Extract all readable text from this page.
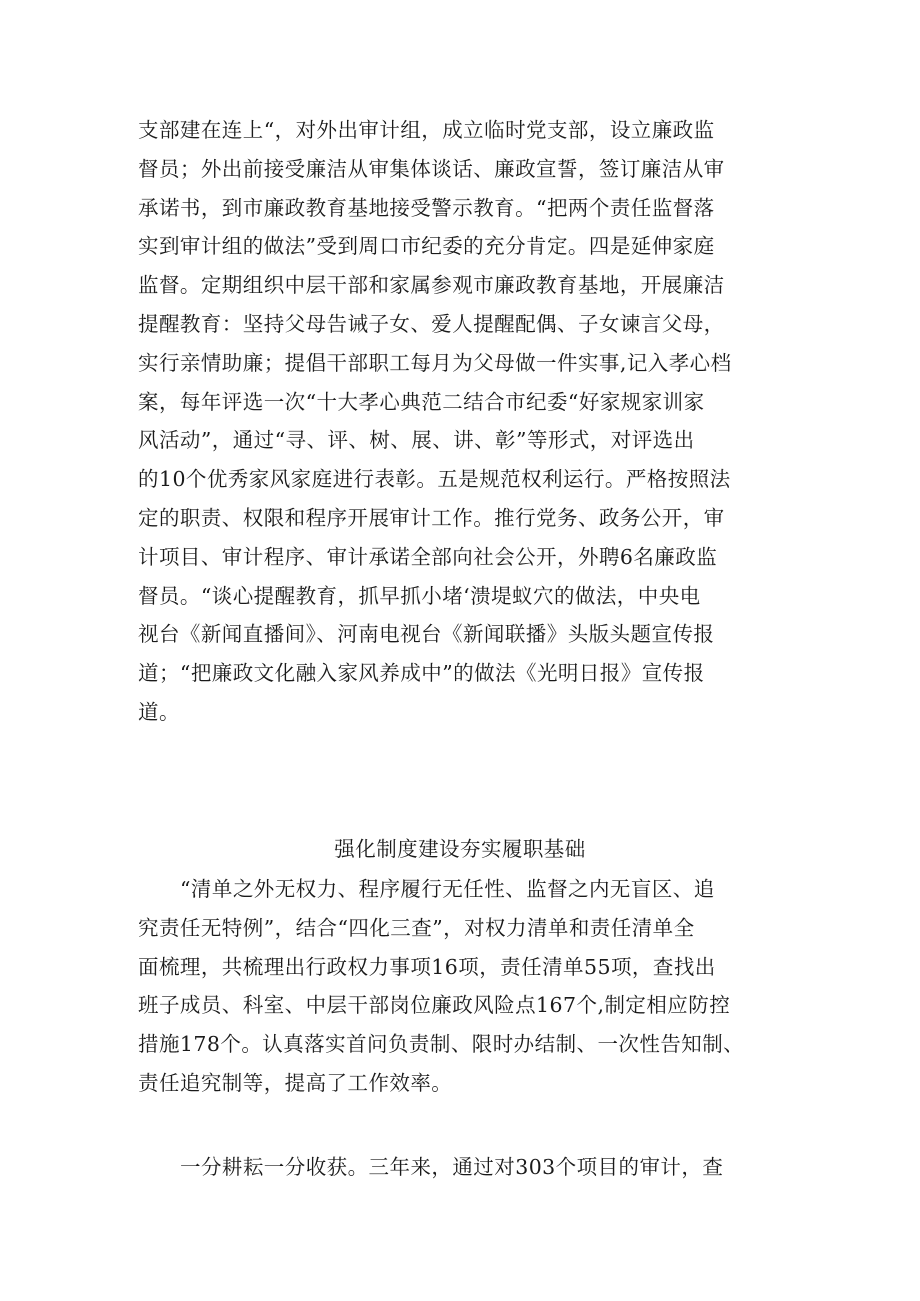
支部建在连上“，对外出审计组，成立临时党支部，设立廉政监
督员；外出前接受廉洁从审集体谈话、廉政宣誓，签订廉洁从审
承诺书，到市廉政教育基地接受警示教育。“把两个责任监督落
实到审计组的做法”受到周口市纪委的充分肯定。四是延伸家庭
监督。定期组织中层干部和家属参观市廉政教育基地，开展廉洁
提醒教育：坚持父母告诫子女、爱人提醒配偶、子女谏言父母，
实行亲情助廉；提倡干部职工每月为父母做一件实事,记入孝心档
案，每年评选一次“十大孝心典范二结合市纪委“好家规家训家
风活动”，通过“寻、评、树、展、讲、彰”等形式，对评选出
的10个优秀家风家庭进行表彰。五是规范权利运行。严格按照法
定的职责、权限和程序开展审计工作。推行党务、政务公开，审
计项目、审计程序、审计承诺全部向社会公开，外聘6名廉政监
督员。“谈心提醒教育，抓早抓小堵‘溃堤蚁穴的做法，中央电
视台《新闻直播间》、河南电视台《新闻联播》头版头题宣传报
道；“把廉政文化融入家风养成中”的做法《光明日报》宣传报
道。

强化制度建设夯实履职基础

“清单之外无权力、程序履行无任性、监督之内无盲区、追
究责任无特例”，结合“四化三查”，对权力清单和责任清单全
面梳理，共梳理出行政权力事项16项，责任清单55项，查找出
班子成员、科室、中层干部岗位廉政风险点167个,制定相应防控
措施178个。认真落实首问负责制、限时办结制、一次性告知制、
责任追究制等，提高了工作效率。

一分耕耘一分收获。三年来，通过对303个项目的审计，查
